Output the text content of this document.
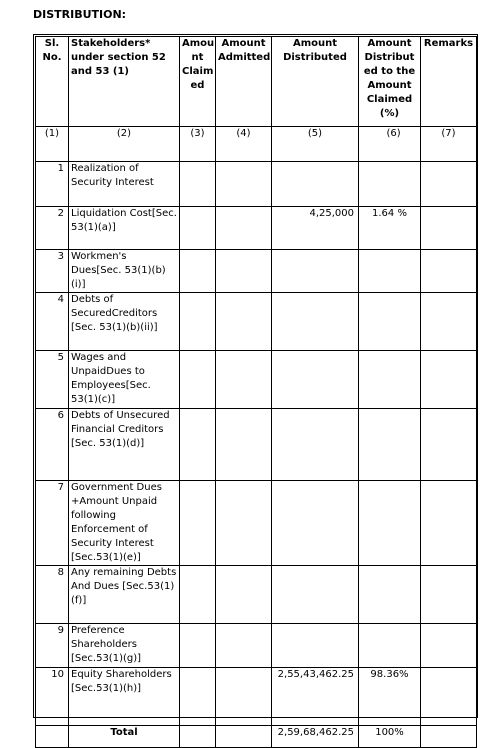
DISTRIBUTION:
Sl. No.	Stakeholders* under section 52 and 53 (1)	Amou nt Claim ed	Amount Admitted	Amount Distributed	Amount Distribut ed to the Amount Claimed (%)	Remarks
(1)	(2)	(3)	(4)	(5)	(6)	(7)
1	Realization of Security Interest					
2	Liquidation Cost[Sec. 53(1)(a)]			4,25,000	1.64 %	
3	Workmen's Dues[Sec. 53(1)(b)(i)]					
4	Debts of SecuredCreditors [Sec. 53(1)(b)(ii)]					
5	Wages and UnpaidDues to Employees[Sec. 53(1)(c)]					
6	Debts of Unsecured Financial Creditors [Sec. 53(1)(d)]					
7	Government Dues +Amount Unpaid following Enforcement of Security Interest [Sec.53(1)(e)]					
8	Any remaining Debts And Dues [Sec.53(1)(f)]					
9	Preference Shareholders [Sec.53(1)(g)]					
10	Equity Shareholders [Sec.53(1)(h)]			2,55,43,462.25	98.36%	
	Total			2,59,68,462.25	100%	
